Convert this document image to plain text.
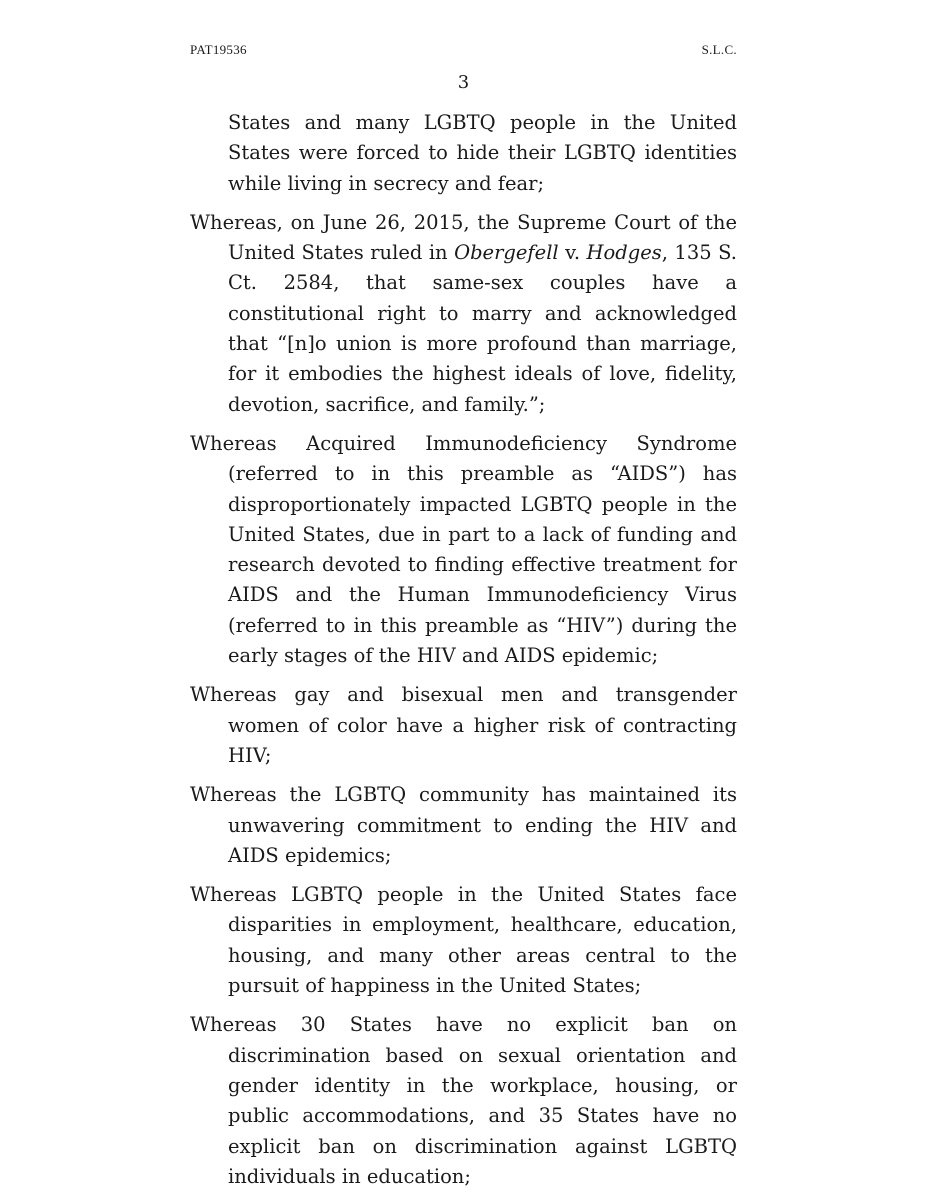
PAT19536	S.L.C.
3

States and many LGBTQ people in the United States were forced to hide their LGBTQ identities while living in secrecy and fear;

Whereas, on June 26, 2015, the Supreme Court of the United States ruled in Obergefell v. Hodges, 135 S. Ct. 2584, that same-sex couples have a constitutional right to marry and acknowledged that “[n]o union is more profound than marriage, for it embodies the highest ideals of love, fidelity, devotion, sacrifice, and family.”;

Whereas Acquired Immunodeficiency Syndrome (referred to in this preamble as “AIDS”) has disproportionately impacted LGBTQ people in the United States, due in part to a lack of funding and research devoted to finding effective treatment for AIDS and the Human Immunodeficiency Virus (referred to in this preamble as “HIV”) during the early stages of the HIV and AIDS epidemic;

Whereas gay and bisexual men and transgender women of color have a higher risk of contracting HIV;

Whereas the LGBTQ community has maintained its unwavering commitment to ending the HIV and AIDS epidemics;

Whereas LGBTQ people in the United States face disparities in employment, healthcare, education, housing, and many other areas central to the pursuit of happiness in the United States;

Whereas 30 States have no explicit ban on discrimination based on sexual orientation and gender identity in the workplace, housing, or public accommodations, and 35 States have no explicit ban on discrimination against LGBTQ individuals in education;
